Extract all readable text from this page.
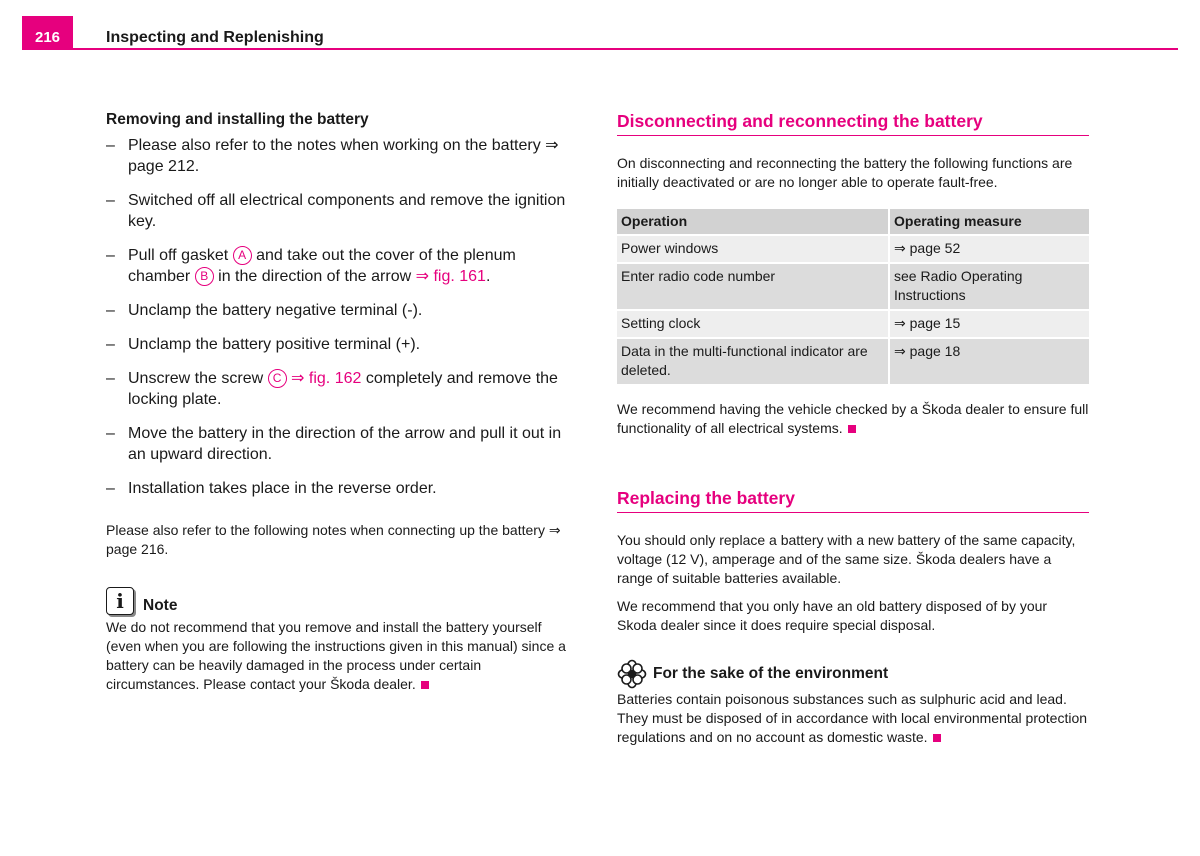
216	Inspecting and Replenishing

Removing and installing the battery

– Please also refer to the notes when working on the battery ⇒ page 212.
– Switched off all electrical components and remove the ignition key.
– Pull off gasket A and take out the cover of the plenum chamber B in the direction of the arrow ⇒ fig. 161.
– Unclamp the battery negative terminal (-).
– Unclamp the battery positive terminal (+).
– Unscrew the screw C ⇒ fig. 162 completely and remove the locking plate.
– Move the battery in the direction of the arrow and pull it out in an upward direction.
– Installation takes place in the reverse order.

Please also refer to the following notes when connecting up the battery ⇒ page 216.

i	Note

We do not recommend that you remove and install the battery yourself (even when you are following the instructions given in this manual) since a battery can be heavily damaged in the process under certain circumstances. Please contact your Škoda dealer.

Disconnecting and reconnecting the battery

On disconnecting and reconnecting the battery the following functions are initially deactivated or are no longer able to operate fault-free.

Operation	Operating measure
Power windows	⇒ page 52
Enter radio code number	see Radio Operating Instructions
Setting clock	⇒ page 15
Data in the multi-functional indicator are deleted.	⇒ page 18

We recommend having the vehicle checked by a Škoda dealer to ensure full functionality of all electrical systems.

Replacing the battery

You should only replace a battery with a new battery of the same capacity, voltage (12 V), amperage and of the same size. Škoda dealers have a range of suitable batteries available.

We recommend that you only have an old battery disposed of by your Skoda dealer since it does require special disposal.

For the sake of the environment

Batteries contain poisonous substances such as sulphuric acid and lead. They must be disposed of in accordance with local environmental protection regulations and on no account as domestic waste.
